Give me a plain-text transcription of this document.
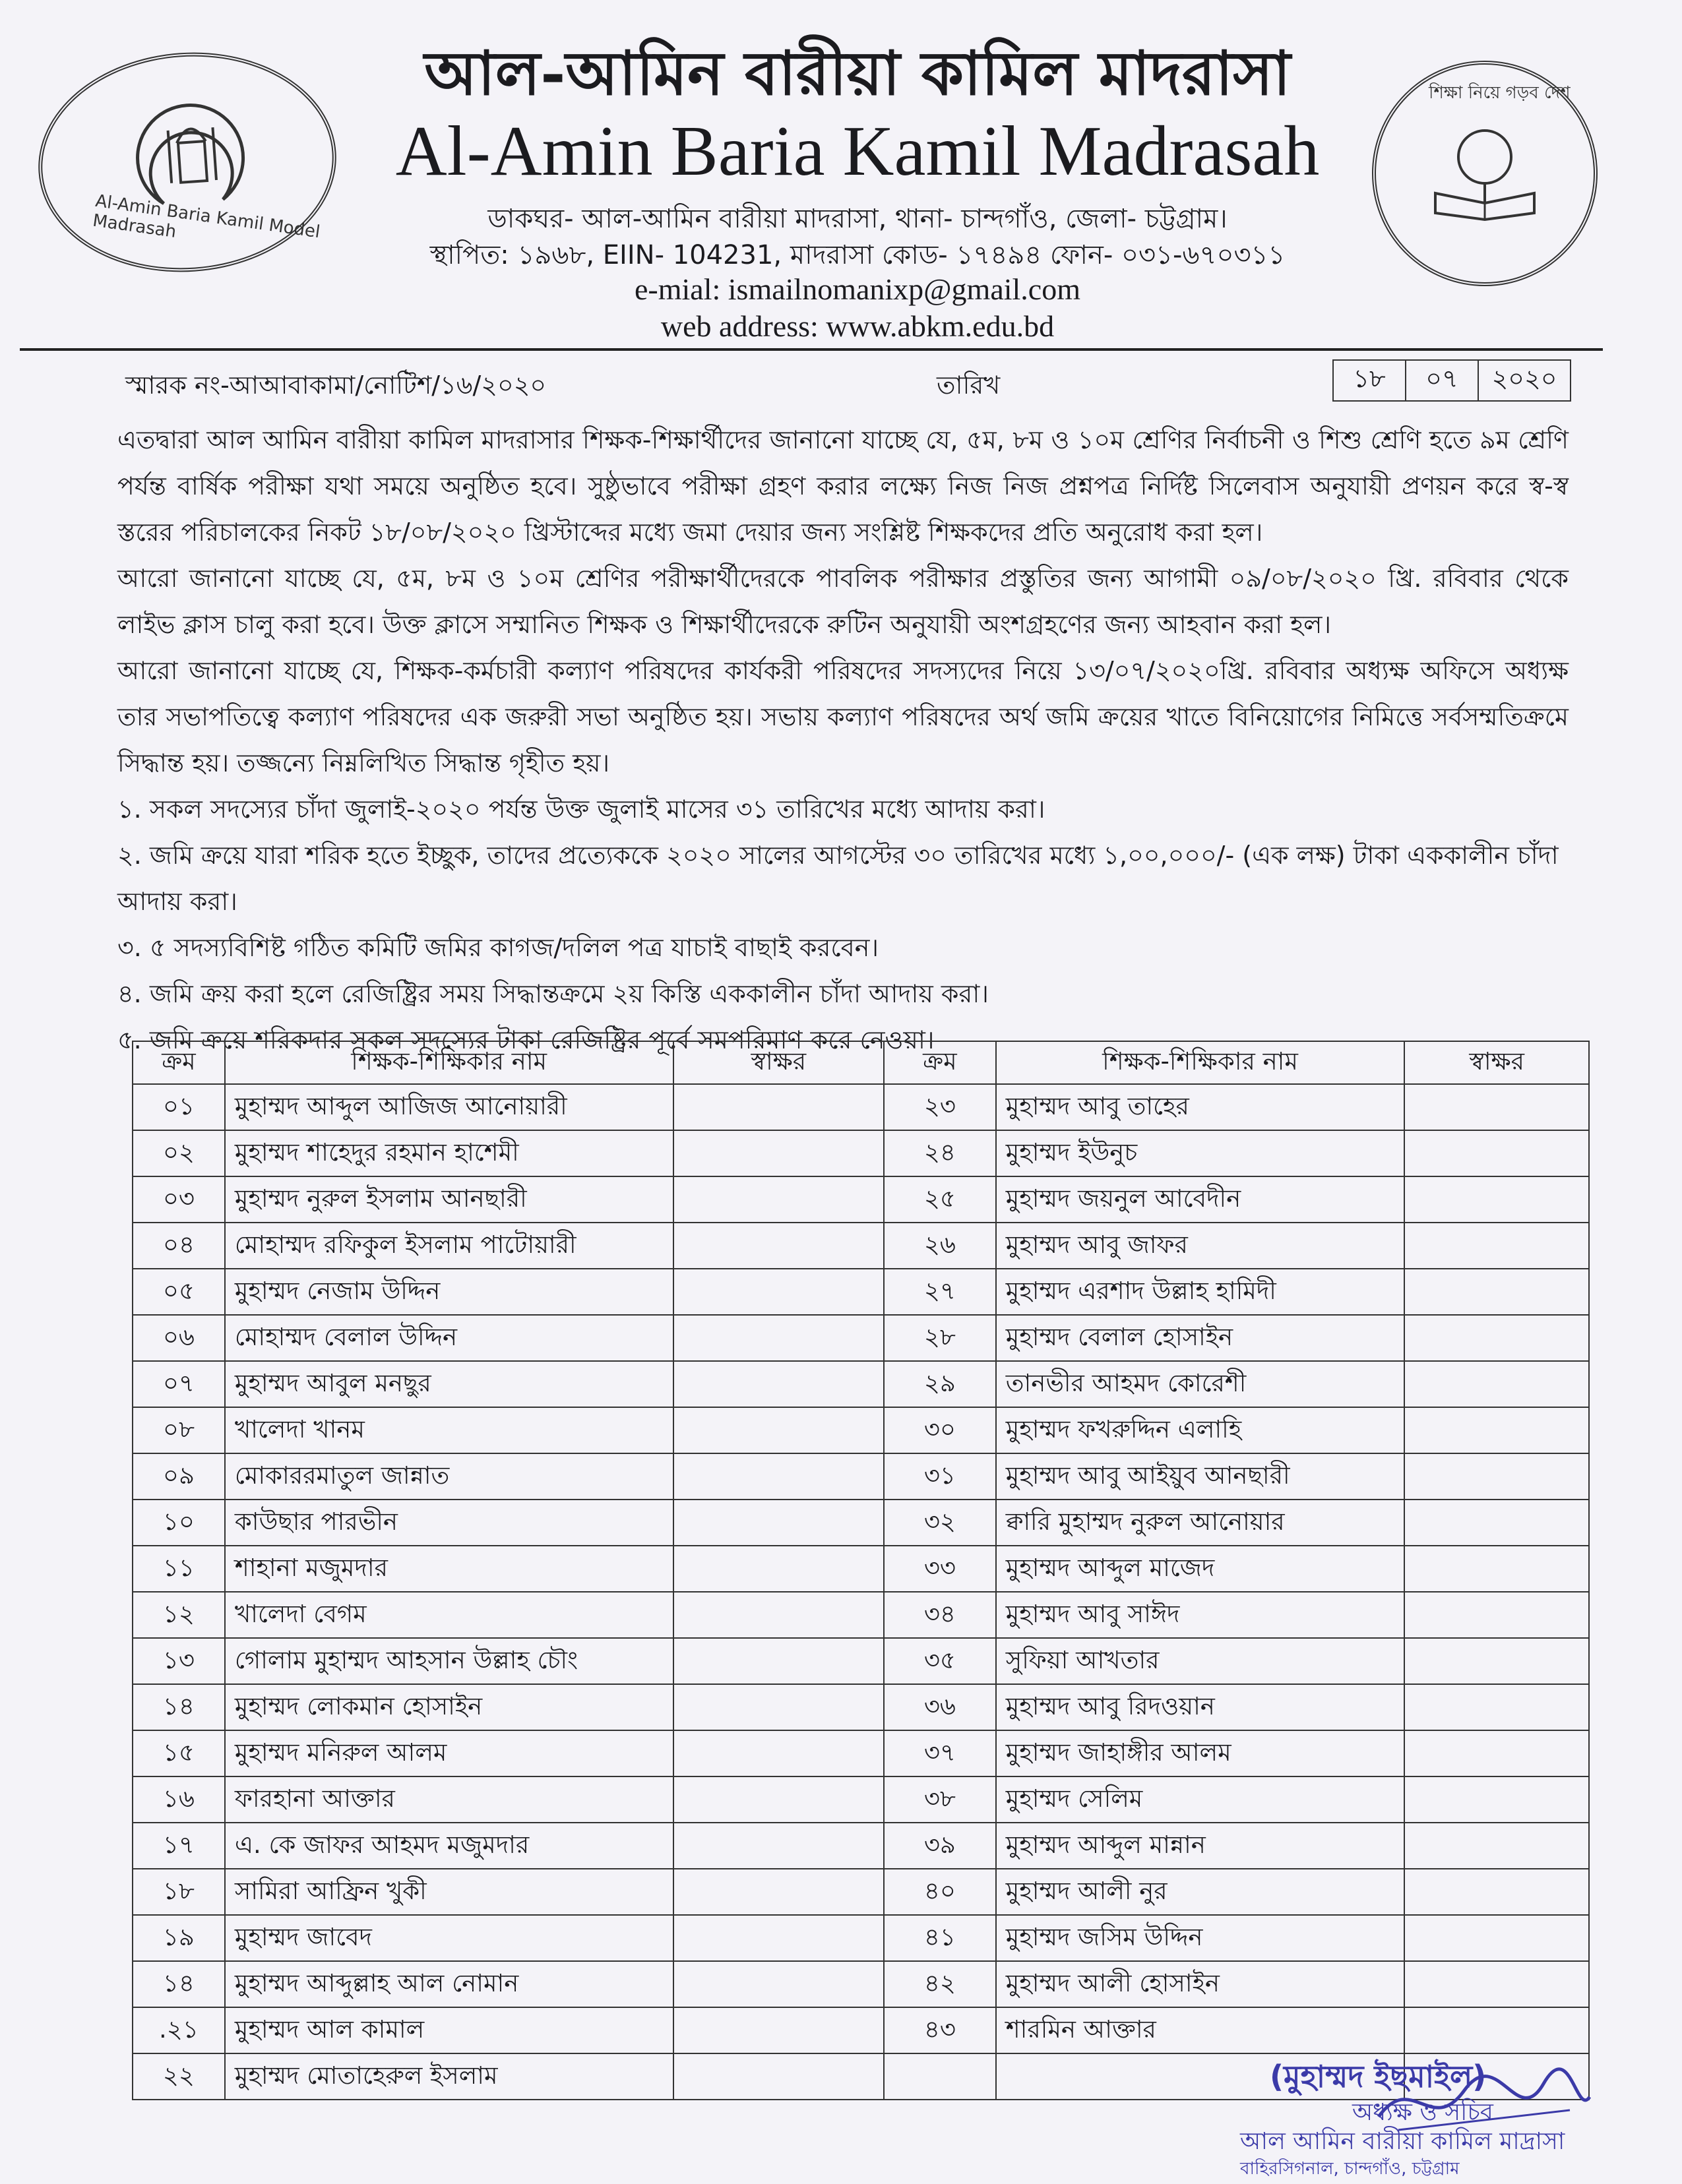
Al-Amin Baria Kamil Model Madrasah
শিক্ষা নিয়ে গড়ব দেশ
আল-আমিন বারীয়া কামিল মাদরাসা
Al-Amin Baria Kamil Madrasah
ডাকঘর- আল-আমিন বারীয়া মাদরাসা, থানা- চান্দগাঁও, জেলা- চট্টগ্রাম।
স্থাপিত: ১৯৬৮, EIIN- 104231, মাদরাসা কোড- ১৭৪৯৪ ফোন- ০৩১-৬৭০৩১১
e-mial: ismailnomanixp@gmail.com
web address: www.abkm.edu.bd
স্মারক নং-আআবাকামা/নোটিশ/১৬/২০২০	তারিখ	১৮	০৭	২০২০

এতদ্বারা আল আমিন বারীয়া কামিল মাদরাসার শিক্ষক-শিক্ষার্থীদের জানানো যাচ্ছে যে, ৫ম, ৮ম ও ১০ম শ্রেণির নির্বাচনী ও শিশু শ্রেণি হতে ৯ম শ্রেণি পর্যন্ত বার্ষিক পরীক্ষা যথা সময়ে অনুষ্ঠিত হবে। সুষ্ঠুভাবে পরীক্ষা গ্রহণ করার লক্ষ্যে নিজ নিজ প্রশ্নপত্র নির্দিষ্ট সিলেবাস অনুযায়ী প্রণয়ন করে স্ব-স্ব স্তরের পরিচালকের নিকট ১৮/০৮/২০২০ খ্রিস্টাব্দের মধ্যে জমা দেয়ার জন্য সংশ্লিষ্ট শিক্ষকদের প্রতি অনুরোধ করা হল।

আরো জানানো যাচ্ছে যে, ৫ম, ৮ম ও ১০ম শ্রেণির পরীক্ষার্থীদেরকে পাবলিক পরীক্ষার প্রস্তুতির জন্য আগামী ০৯/০৮/২০২০ খ্রি. রবিবার থেকে লাইভ ক্লাস চালু করা হবে। উক্ত ক্লাসে সম্মানিত শিক্ষক ও শিক্ষার্থীদেরকে রুটিন অনুযায়ী অংশগ্রহণের জন্য আহবান করা হল।

আরো জানানো যাচ্ছে যে, শিক্ষক-কর্মচারী কল্যাণ পরিষদের কার্যকরী পরিষদের সদস্যদের নিয়ে ১৩/০৭/২০২০খ্রি. রবিবার অধ্যক্ষ অফিসে অধ্যক্ষ তার সভাপতিত্বে কল্যাণ পরিষদের এক জরুরী সভা অনুষ্ঠিত হয়। সভায় কল্যাণ পরিষদের অর্থ জমি ক্রয়ের খাতে বিনিয়োগের নিমিত্তে সর্বসম্মতিক্রমে সিদ্ধান্ত হয়। তজ্জন্যে নিম্নলিখিত সিদ্ধান্ত গৃহীত হয়।

১. সকল সদস্যের চাঁদা জুলাই-২০২০ পর্যন্ত উক্ত জুলাই মাসের ৩১ তারিখের মধ্যে আদায় করা।

২. জমি ক্রয়ে যারা শরিক হতে ইচ্ছুক, তাদের প্রত্যেককে ২০২০ সালের আগস্টের ৩০ তারিখের মধ্যে ১,০০,০০০/- (এক লক্ষ) টাকা এককালীন চাঁদা আদায় করা।

৩. ৫ সদস্যবিশিষ্ট গঠিত কমিটি জমির কাগজ/দলিল পত্র যাচাই বাছাই করবেন।

৪. জমি ক্রয় করা হলে রেজিষ্ট্রির সময় সিদ্ধান্তক্রমে ২য় কিস্তি এককালীন চাঁদা আদায় করা।

৫. জমি ক্রয়ে শরিকদার সকল সদস্যের টাকা রেজিষ্ট্রির পূর্বে সমপরিমাণ করে নেওয়া।

ক্রম	শিক্ষক-শিক্ষিকার নাম	স্বাক্ষর	ক্রম	শিক্ষক-শিক্ষিকার নাম	স্বাক্ষর
০১	মুহাম্মদ আব্দুল আজিজ আনোয়ারী		২৩	মুহাম্মদ আবু তাহের	
০২	মুহাম্মদ শাহেদুর রহমান হাশেমী		২৪	মুহাম্মদ ইউনুচ	
০৩	মুহাম্মদ নুরুল ইসলাম আনছারী		২৫	মুহাম্মদ জয়নুল আবেদীন	
০৪	মোহাম্মদ রফিকুল ইসলাম পাটোয়ারী		২৬	মুহাম্মদ আবু জাফর	
০৫	মুহাম্মদ নেজাম উদ্দিন		২৭	মুহাম্মদ এরশাদ উল্লাহ হামিদী	
০৬	মোহাম্মদ বেলাল উদ্দিন		২৮	মুহাম্মদ বেলাল হোসাইন	
০৭	মুহাম্মদ আবুল মনছুর		২৯	তানভীর আহমদ কোরেশী	
০৮	খালেদা খানম		৩০	মুহাম্মদ ফখরুদ্দিন এলাহি	
০৯	মোকাররমাতুল জান্নাত		৩১	মুহাম্মদ আবু আইয়ুব আনছারী	
১০	কাউছার পারভীন		৩২	ক্বারি মুহাম্মদ নুরুল আনোয়ার	
১১	শাহানা মজুমদার		৩৩	মুহাম্মদ আব্দুল মাজেদ	
১২	খালেদা বেগম		৩৪	মুহাম্মদ আবু সাঈদ	
১৩	গোলাম মুহাম্মদ আহসান উল্লাহ চৌং		৩৫	সুফিয়া আখতার	
১৪	মুহাম্মদ লোকমান হোসাইন		৩৬	মুহাম্মদ আবু রিদওয়ান	
১৫	মুহাম্মদ মনিরুল আলম		৩৭	মুহাম্মদ জাহাঙ্গীর আলম	
১৬	ফারহানা আক্তার		৩৮	মুহাম্মদ সেলিম	
১৭	এ. কে জাফর আহমদ মজুমদার		৩৯	মুহাম্মদ আব্দুল মান্নান	
১৮	সামিরা আফ্রিন খুকী		৪০	মুহাম্মদ আলী নুর	
১৯	মুহাম্মদ জাবেদ		৪১	মুহাম্মদ জসিম উদ্দিন	
১৪	মুহাম্মদ আব্দুল্লাহ আল নোমান		৪২	মুহাম্মদ আলী হোসাইন	
.২১	মুহাম্মদ আল কামাল		৪৩	শারমিন আক্তার	
২২	মুহাম্মদ মোতাহেরুল ইসলাম					(মুহাম্মদ ইছমাইল)
অধ্যক্ষ ও সচিব
আল আমিন বারীয়া কামিল মাদ্রাসা
বাহিরসিগনাল, চান্দগাঁও, চট্টগ্রাম
